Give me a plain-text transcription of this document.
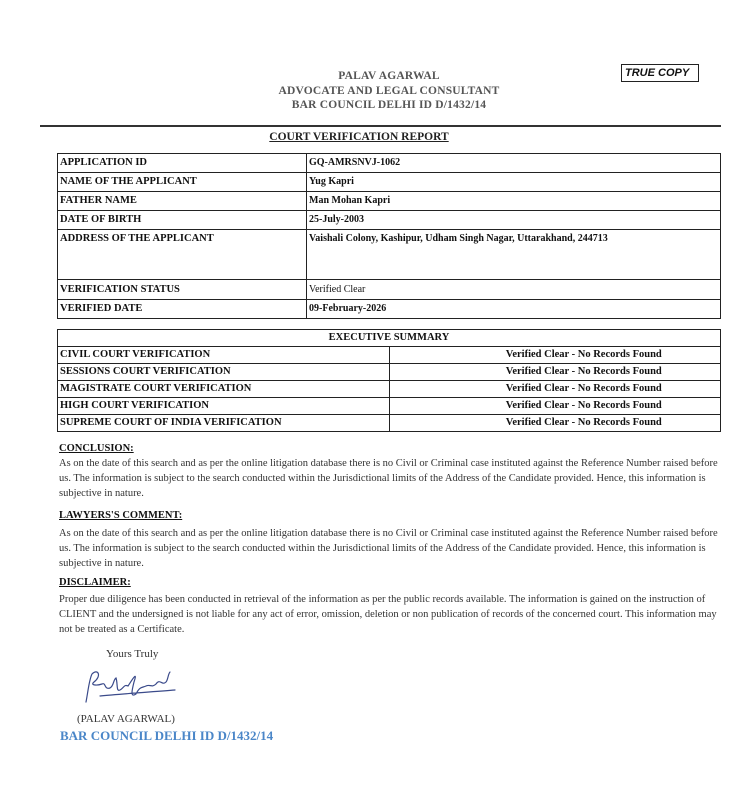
PALAV AGARWAL
ADVOCATE AND LEGAL CONSULTANT
BAR COUNCIL DELHI ID D/1432/14
TRUE COPY
COURT VERIFICATION REPORT
APPLICATION ID	GQ-AMRSNVJ-1062
NAME OF THE APPLICANT	Yug Kapri
FATHER NAME	Man Mohan Kapri
DATE OF BIRTH	25-July-2003
ADDRESS OF THE APPLICANT	Vaishali Colony, Kashipur, Udham Singh Nagar, Uttarakhand, 244713
VERIFICATION STATUS	Verified Clear
VERIFIED DATE	09-February-2026
EXECUTIVE SUMMARY	
CIVIL COURT VERIFICATION	Verified Clear - No Records Found
SESSIONS COURT VERIFICATION	Verified Clear - No Records Found
MAGISTRATE COURT VERIFICATION	Verified Clear - No Records Found
HIGH COURT VERIFICATION	Verified Clear - No Records Found
SUPREME COURT OF INDIA VERIFICATION	Verified Clear - No Records Found
CONCLUSION:
As on the date of this search and as per the online litigation database there is no Civil or Criminal case instituted against the Reference Number raised before us. The information is subject to the search conducted within the Jurisdictional limits of the Address of the Candidate provided. Hence, this information is subjective in nature.
LAWYERS'S COMMENT:
As on the date of this search and as per the online litigation database there is no Civil or Criminal case instituted against the Reference Number raised before us. The information is subject to the search conducted within the Jurisdictional limits of the Address of the Candidate provided. Hence, this information is subjective in nature.
DISCLAIMER:
Proper due diligence has been conducted in retrieval of the information as per the public records available. The information is gained on the instruction of CLIENT and the undersigned is not liable for any act of error, omission, deletion or non publication of records of the concerned court. This information may not be treated as a Certificate.
Yours Truly
(PALAV AGARWAL)
BAR COUNCIL DELHI ID D/1432/14
